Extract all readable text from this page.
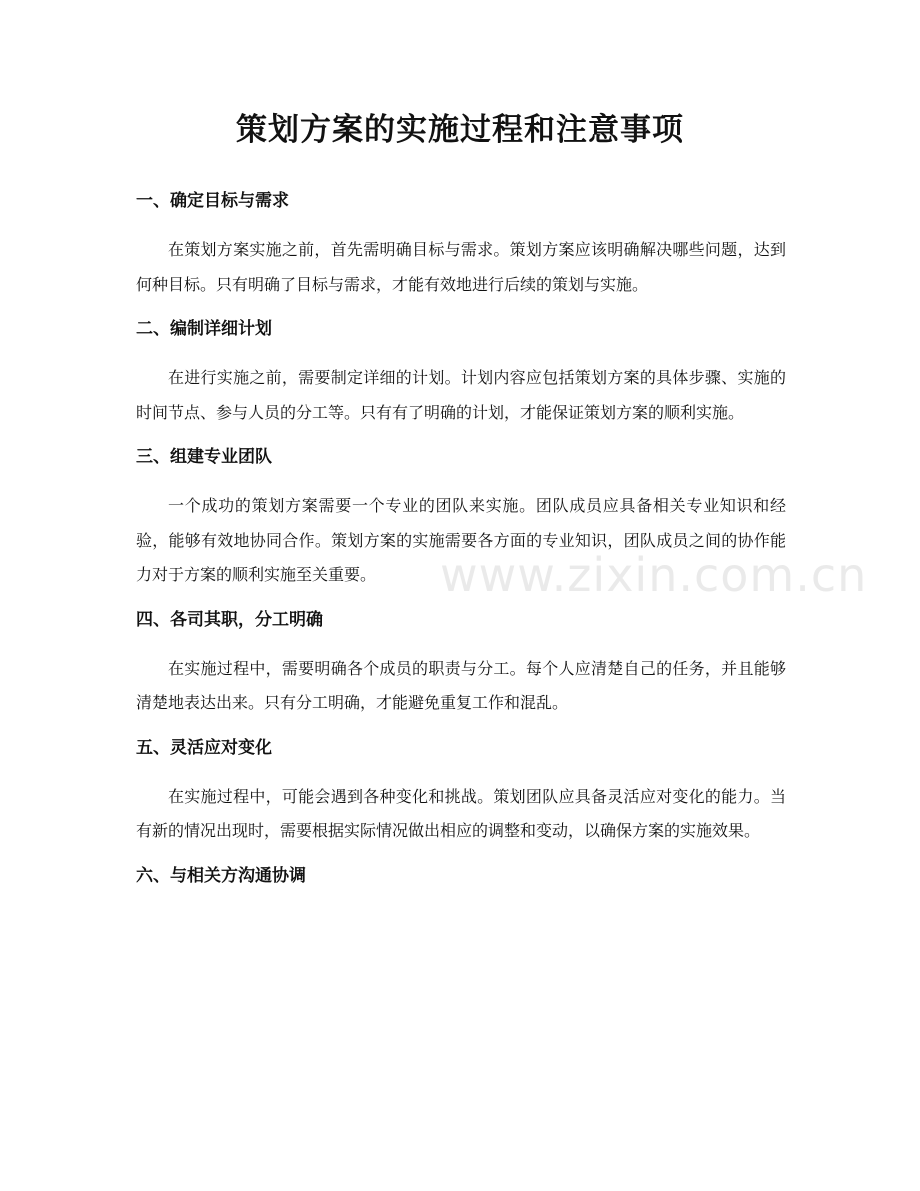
策划方案的实施过程和注意事项
一、确定目标与需求

在策划方案实施之前，首先需明确目标与需求。策划方案应该明确解决哪些问题，达到何种目标。只有明确了目标与需求，才能有效地进行后续的策划与实施。

二、编制详细计划

在进行实施之前，需要制定详细的计划。计划内容应包括策划方案的具体步骤、实施的时间节点、参与人员的分工等。只有有了明确的计划，才能保证策划方案的顺利实施。

三、组建专业团队

一个成功的策划方案需要一个专业的团队来实施。团队成员应具备相关专业知识和经验，能够有效地协同合作。策划方案的实施需要各方面的专业知识，团队成员之间的协作能力对于方案的顺利实施至关重要。

四、各司其职，分工明确

在实施过程中，需要明确各个成员的职责与分工。每个人应清楚自己的任务，并且能够清楚地表达出来。只有分工明确，才能避免重复工作和混乱。

五、灵活应对变化

在实施过程中，可能会遇到各种变化和挑战。策划团队应具备灵活应对变化的能力。当有新的情况出现时，需要根据实际情况做出相应的调整和变动，以确保方案的实施效果。

六、与相关方沟通协调
www.zixin.com.cn
